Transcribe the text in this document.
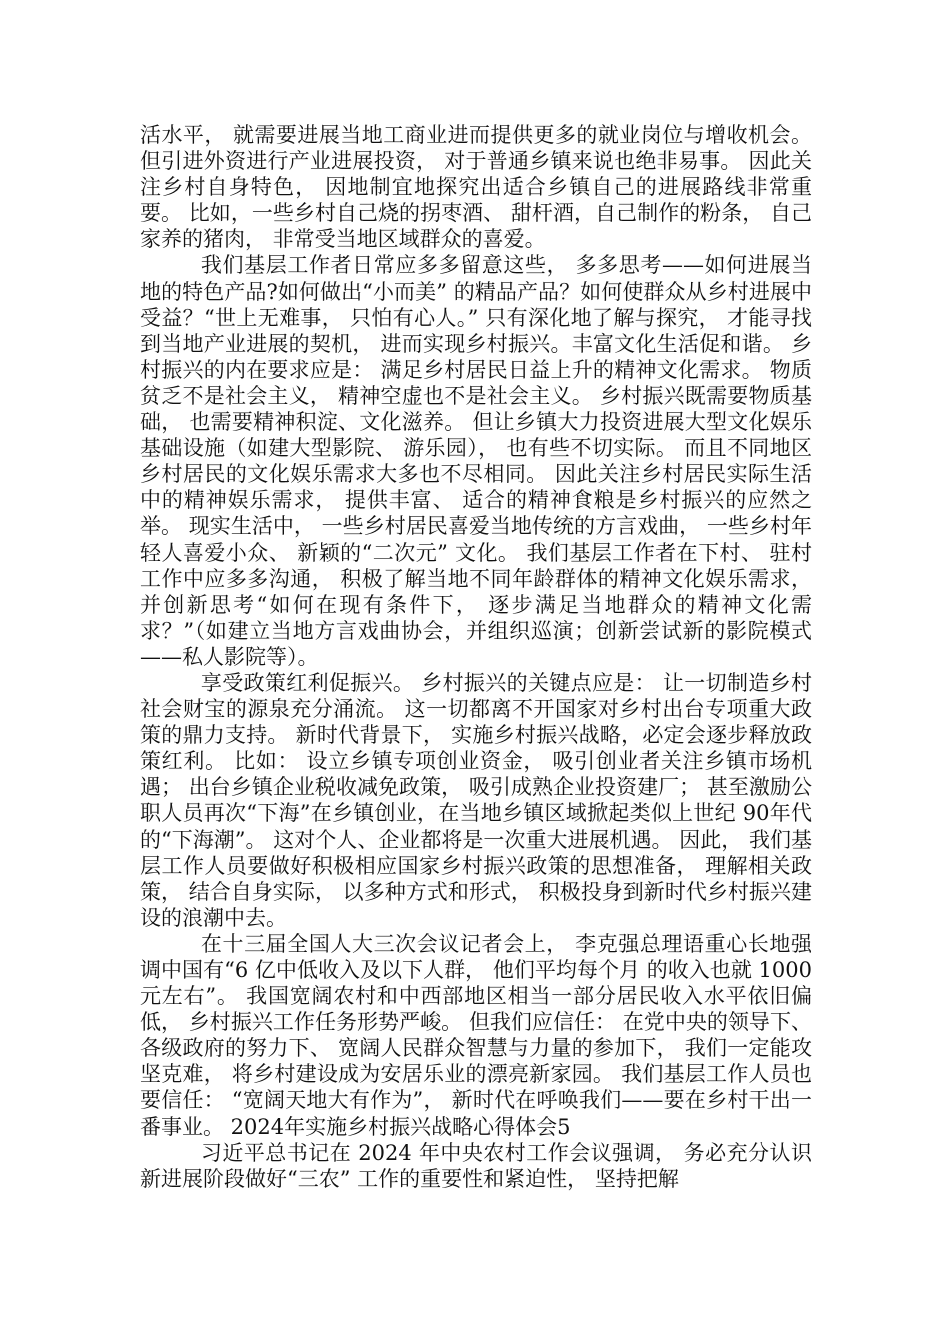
活水平， 就需要进展当地工商业进而提供更多的就业岗位与增收机会。 但引进外资进行产业进展投资， 对于普通乡镇来说也绝非易事。 因此关注乡村自身特色， 因地制宜地探究出适合乡镇自己的进展路线非常重要。 比如，一些乡村自己烧的拐枣酒、 甜杆酒，自己制作的粉条， 自己家养的猪肉， 非常受当地区域群众的喜爱。

我们基层工作者日常应多多留意这些， 多多思考——如何进展当地的特色产品?如何做出“小而美” 的精品产品？如何使群众从乡村进展中受益？“世上无难事， 只怕有心人。” 只有深化地了解与探究， 才能寻找到当地产业进展的契机， 进而实现乡村振兴。丰富文化生活促和谐。 乡村振兴的内在要求应是： 满足乡村居民日益上升的精神文化需求。 物质贫乏不是社会主义， 精神空虚也不是社会主义。 乡村振兴既需要物质基础， 也需要精神积淀、文化滋养。 但让乡镇大力投资进展大型文化娱乐基础设施（如建大型影院、 游乐园）， 也有些不切实际。 而且不同地区乡村居民的文化娱乐需求大多也不尽相同。 因此关注乡村居民实际生活中的精神娱乐需求， 提供丰富、 适合的精神食粮是乡村振兴的应然之举。 现实生活中， 一些乡村居民喜爱当地传统的方言戏曲， 一些乡村年轻人喜爱小众、 新颖的“二次元” 文化。 我们基层工作者在下村、 驻村工作中应多多沟通， 积极了解当地不同年龄群体的精神文化娱乐需求， 并创新思考“如何在现有条件下， 逐步满足当地群众的精神文化需求？”（如建立当地方言戏曲协会，并组织巡演；创新尝试新的影院模式——私人影院等）。

享受政策红利促振兴。 乡村振兴的关键点应是： 让一切制造乡村社会财宝的源泉充分涌流。 这一切都离不开国家对乡村出台专项重大政策的鼎力支持。 新时代背景下， 实施乡村振兴战略，必定会逐步释放政策红利。 比如： 设立乡镇专项创业资金， 吸引创业者关注乡镇市场机遇； 出台乡镇企业税收减免政策， 吸引成熟企业投资建厂； 甚至激励公职人员再次“下海”在乡镇创业，在当地乡镇区域掀起类似上世纪 90年代的“下海潮”。 这对个人、企业都将是一次重大进展机遇。 因此， 我们基层工作人员要做好积极相应国家乡村振兴政策的思想准备， 理解相关政策， 结合自身实际， 以多种方式和形式， 积极投身到新时代乡村振兴建设的浪潮中去。

在十三届全国人大三次会议记者会上， 李克强总理语重心长地强调中国有“6 亿中低收入及以下人群， 他们平均每个月 的收入也就 1000 元左右”。 我国宽阔农村和中西部地区相当一部分居民收入水平依旧偏低， 乡村振兴工作任务形势严峻。 但我们应信任： 在党中央的领导下、 各级政府的努力下、 宽阔人民群众智慧与力量的参加下， 我们一定能攻坚克难， 将乡村建设成为安居乐业的漂亮新家园。 我们基层工作人员也要信任： “宽阔天地大有作为”， 新时代在呼唤我们——要在乡村干出一番事业。 2024年实施乡村振兴战略心得体会5

习近平总书记在 2024 年中央农村工作会议强调， 务必充分认识新进展阶段做好“三农” 工作的重要性和紧迫性， 坚持把解
